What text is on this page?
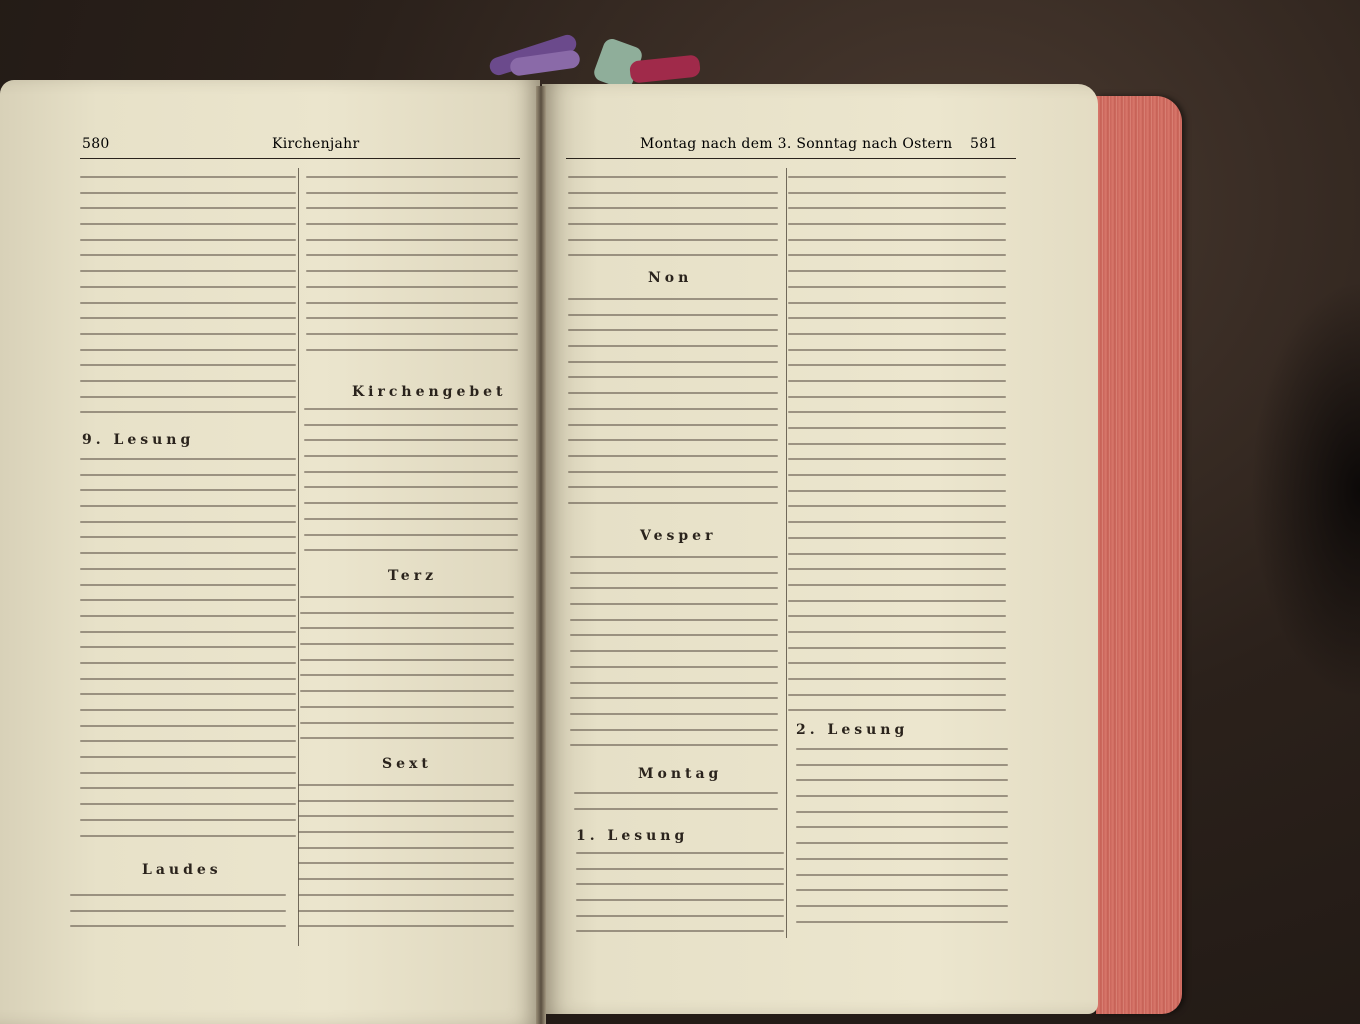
580	Kirchenjahr	Montag nach dem 3. Sonntag nach Ostern 581
9. Lesung
Laudes
Kirchengebet
Terz
Sext
Non
Vesper
Montag
1. Lesung
2. Lesung
